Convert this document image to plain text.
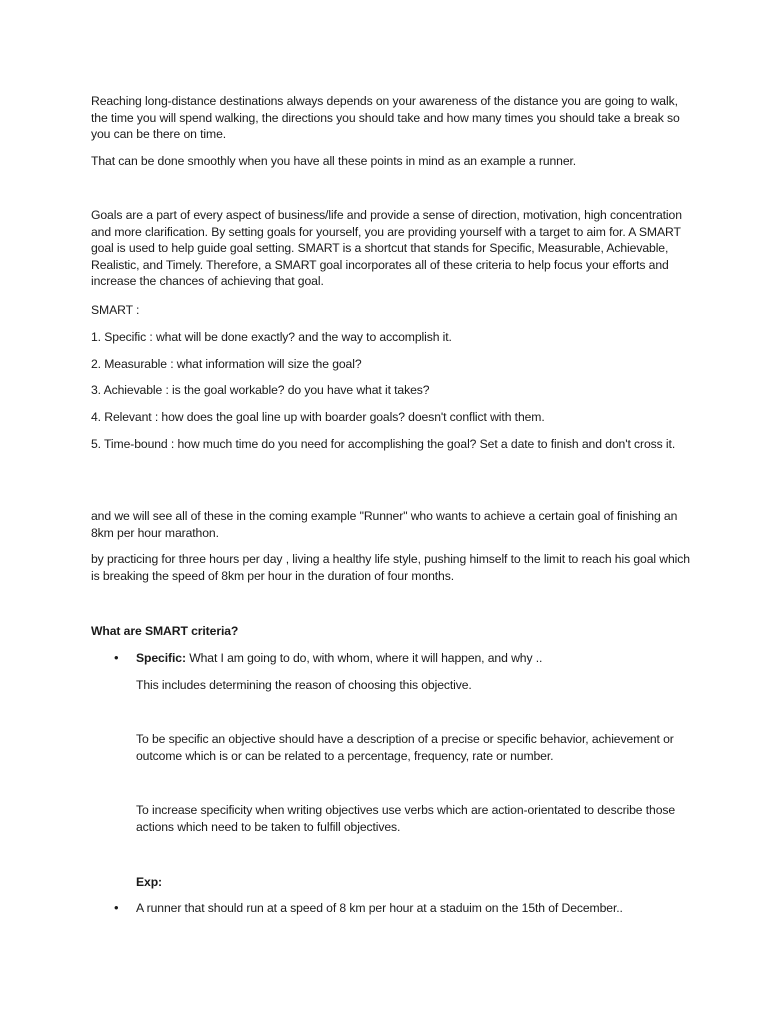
Reaching long-distance destinations always depends on your awareness of the distance you are going to walk, the time you will spend walking, the directions you should take and how many times you should take a break so you can be there on time.

That can be done smoothly when you have all these points in mind as an example a runner.

Goals are a part of every aspect of business/life and provide a sense of direction, motivation, high concentration and more clarification. By setting goals for yourself, you are providing yourself with a target to aim for. A SMART goal is used to help guide goal setting. SMART is a shortcut that stands for Specific, Measurable, Achievable, Realistic, and Timely. Therefore, a SMART goal incorporates all of these criteria to help focus your efforts and increase the chances of achieving that goal.

SMART :

1. Specific : what will be done exactly? and the way to accomplish it.

2. Measurable : what information will size the goal?

3. Achievable : is the goal workable? do you have what it takes?

4. Relevant : how does the goal line up with boarder goals? doesn't conflict with them.

5. Time-bound : how much time do you need for accomplishing the goal? Set a date to finish and don't cross it.

and we will see all of these in the coming example "Runner" who wants to achieve a certain goal of finishing an 8km per hour marathon.

by practicing for three hours per day , living a healthy life style, pushing himself to the limit to reach his goal which is breaking the speed of 8km per hour in the duration of four months.

What are SMART criteria?

• Specific: What I am going to do, with whom, where it will happen, and why ..

This includes determining the reason of choosing this objective.

To be specific an objective should have a description of a precise or specific behavior, achievement or outcome which is or can be related to a percentage, frequency, rate or number.

To increase specificity when writing objectives use verbs which are action-orientated to describe those actions which need to be taken to fulfill objectives.

Exp:

• A runner that should run at a speed of 8 km per hour at a staduim on the 15th of December..
